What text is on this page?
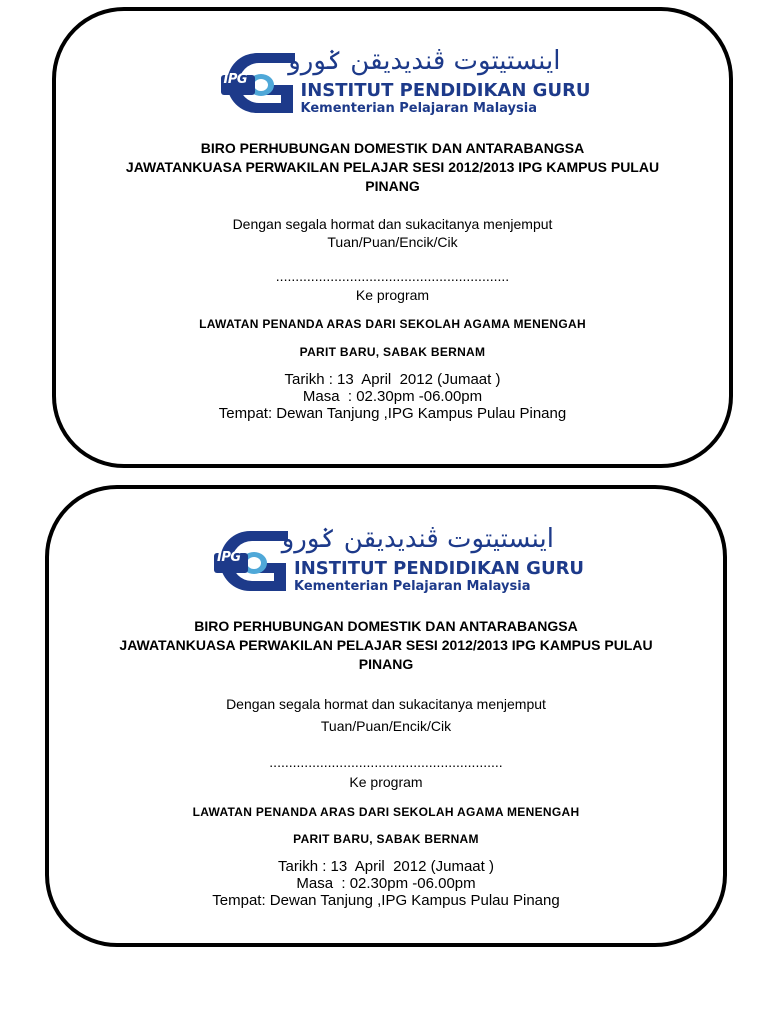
IPG
اينستيتوت ڤنديديقن ݢورو
INSTITUT PENDIDIKAN GURU
Kementerian Pelajaran Malaysia
BIRO PERHUBUNGAN DOMESTIK DAN ANTARABANGSA
JAWATANKUASA PERWAKILAN PELAJAR SESI 2012/2013 IPG KAMPUS PULAU
PINANG
Dengan segala hormat dan sukacitanya menjemput
Tuan/Puan/Encik/Cik
............................................................
Ke program
LAWATAN PENANDA ARAS DARI SEKOLAH AGAMA MENENGAH
PARIT BARU, SABAK BERNAM
Tarikh : 13  April  2012 (Jumaat )
Masa  : 02.30pm -06.00pm
Tempat: Dewan Tanjung ,IPG Kampus Pulau Pinang
IPG
اينستيتوت ڤنديديقن ݢورو
INSTITUT PENDIDIKAN GURU
Kementerian Pelajaran Malaysia
BIRO PERHUBUNGAN DOMESTIK DAN ANTARABANGSA
JAWATANKUASA PERWAKILAN PELAJAR SESI 2012/2013 IPG KAMPUS PULAU
PINANG
Dengan segala hormat dan sukacitanya menjemput
Tuan/Puan/Encik/Cik
............................................................
Ke program
LAWATAN PENANDA ARAS DARI SEKOLAH AGAMA MENENGAH
PARIT BARU, SABAK BERNAM
Tarikh : 13  April  2012 (Jumaat )
Masa  : 02.30pm -06.00pm
Tempat: Dewan Tanjung ,IPG Kampus Pulau Pinang
